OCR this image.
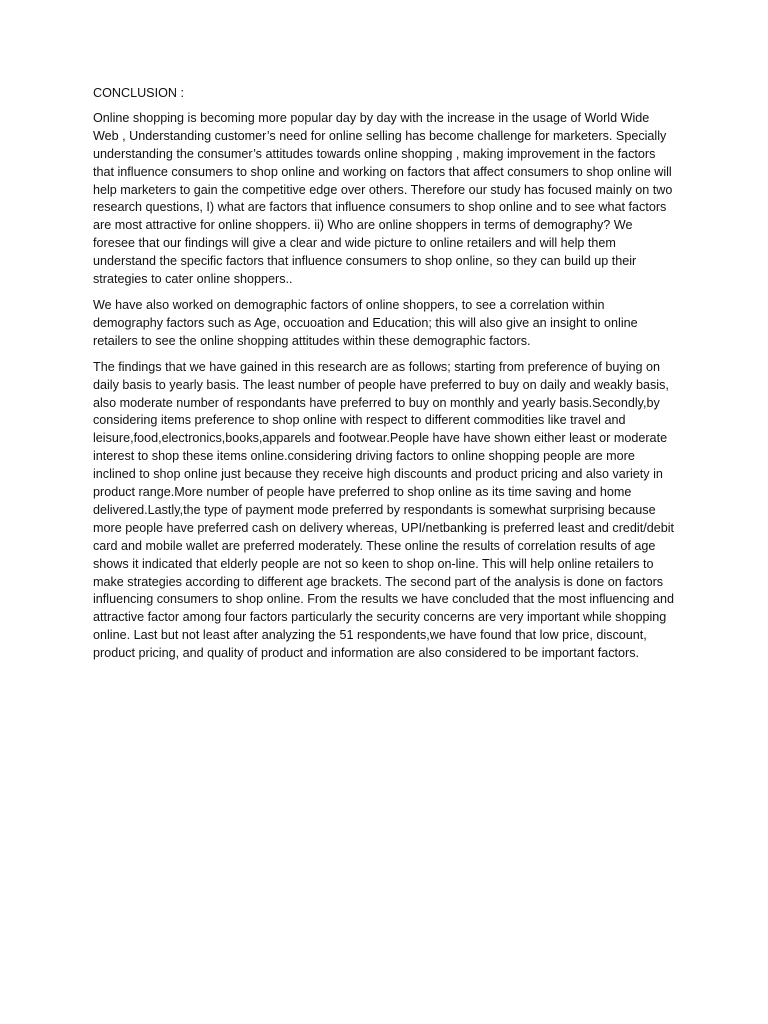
CONCLUSION :

Online shopping is becoming more popular day by day with the increase in the usage of World Wide Web , Understanding customer’s need for online selling has become challenge for marketers. Specially understanding the consumer’s attitudes towards online shopping , making improvement in the factors that influence consumers to shop online and working on factors that affect consumers to shop online will help marketers to gain the competitive edge over others. Therefore our study has focused mainly on two research questions, I) what are factors that influence consumers to shop online and to see what factors are most attractive for online shoppers. ii) Who are online shoppers in terms of demography? We foresee that our findings will give a clear and wide picture to online retailers and will help them understand the specific factors that influence consumers to shop online, so they can build up their strategies to cater online shoppers..

We have also worked on demographic factors of online shoppers, to see a correlation within demography factors such as Age, occuoation and Education; this will also give an insight to online retailers to see the online shopping attitudes within these demographic factors.

The findings that we have gained in this research are as follows; starting from preference of buying on daily basis to yearly basis. The least number of people have preferred to buy on daily and weakly basis, also moderate number of respondants have preferred to buy on monthly and yearly basis.Secondly,by considering items preference to shop online with respect to different commodities like travel and leisure,food,electronics,books,apparels and footwear.People have have shown either least or moderate interest to shop these items online.considering driving factors to online shopping people are more inclined to shop online just because they receive high discounts and product pricing and also variety in product range.More number of people have preferred to shop online as its time saving and home delivered.Lastly,the type of payment mode preferred by respondants is somewhat surprising because more people have preferred cash on delivery whereas, UPI/netbanking is preferred least and credit/debit card and mobile wallet are preferred moderately. These online the results of correlation results of age shows it indicated that elderly people are not so keen to shop on-line. This will help online retailers to make strategies according to different age brackets. The second part of the analysis is done on factors influencing consumers to shop online. From the results we have concluded that the most influencing and attractive factor among four factors particularly the security concerns are very important while shopping online. Last but not least after analyzing the 51 respondents,we have found that low price, discount, product pricing, and quality of product and information are also considered to be important factors.
